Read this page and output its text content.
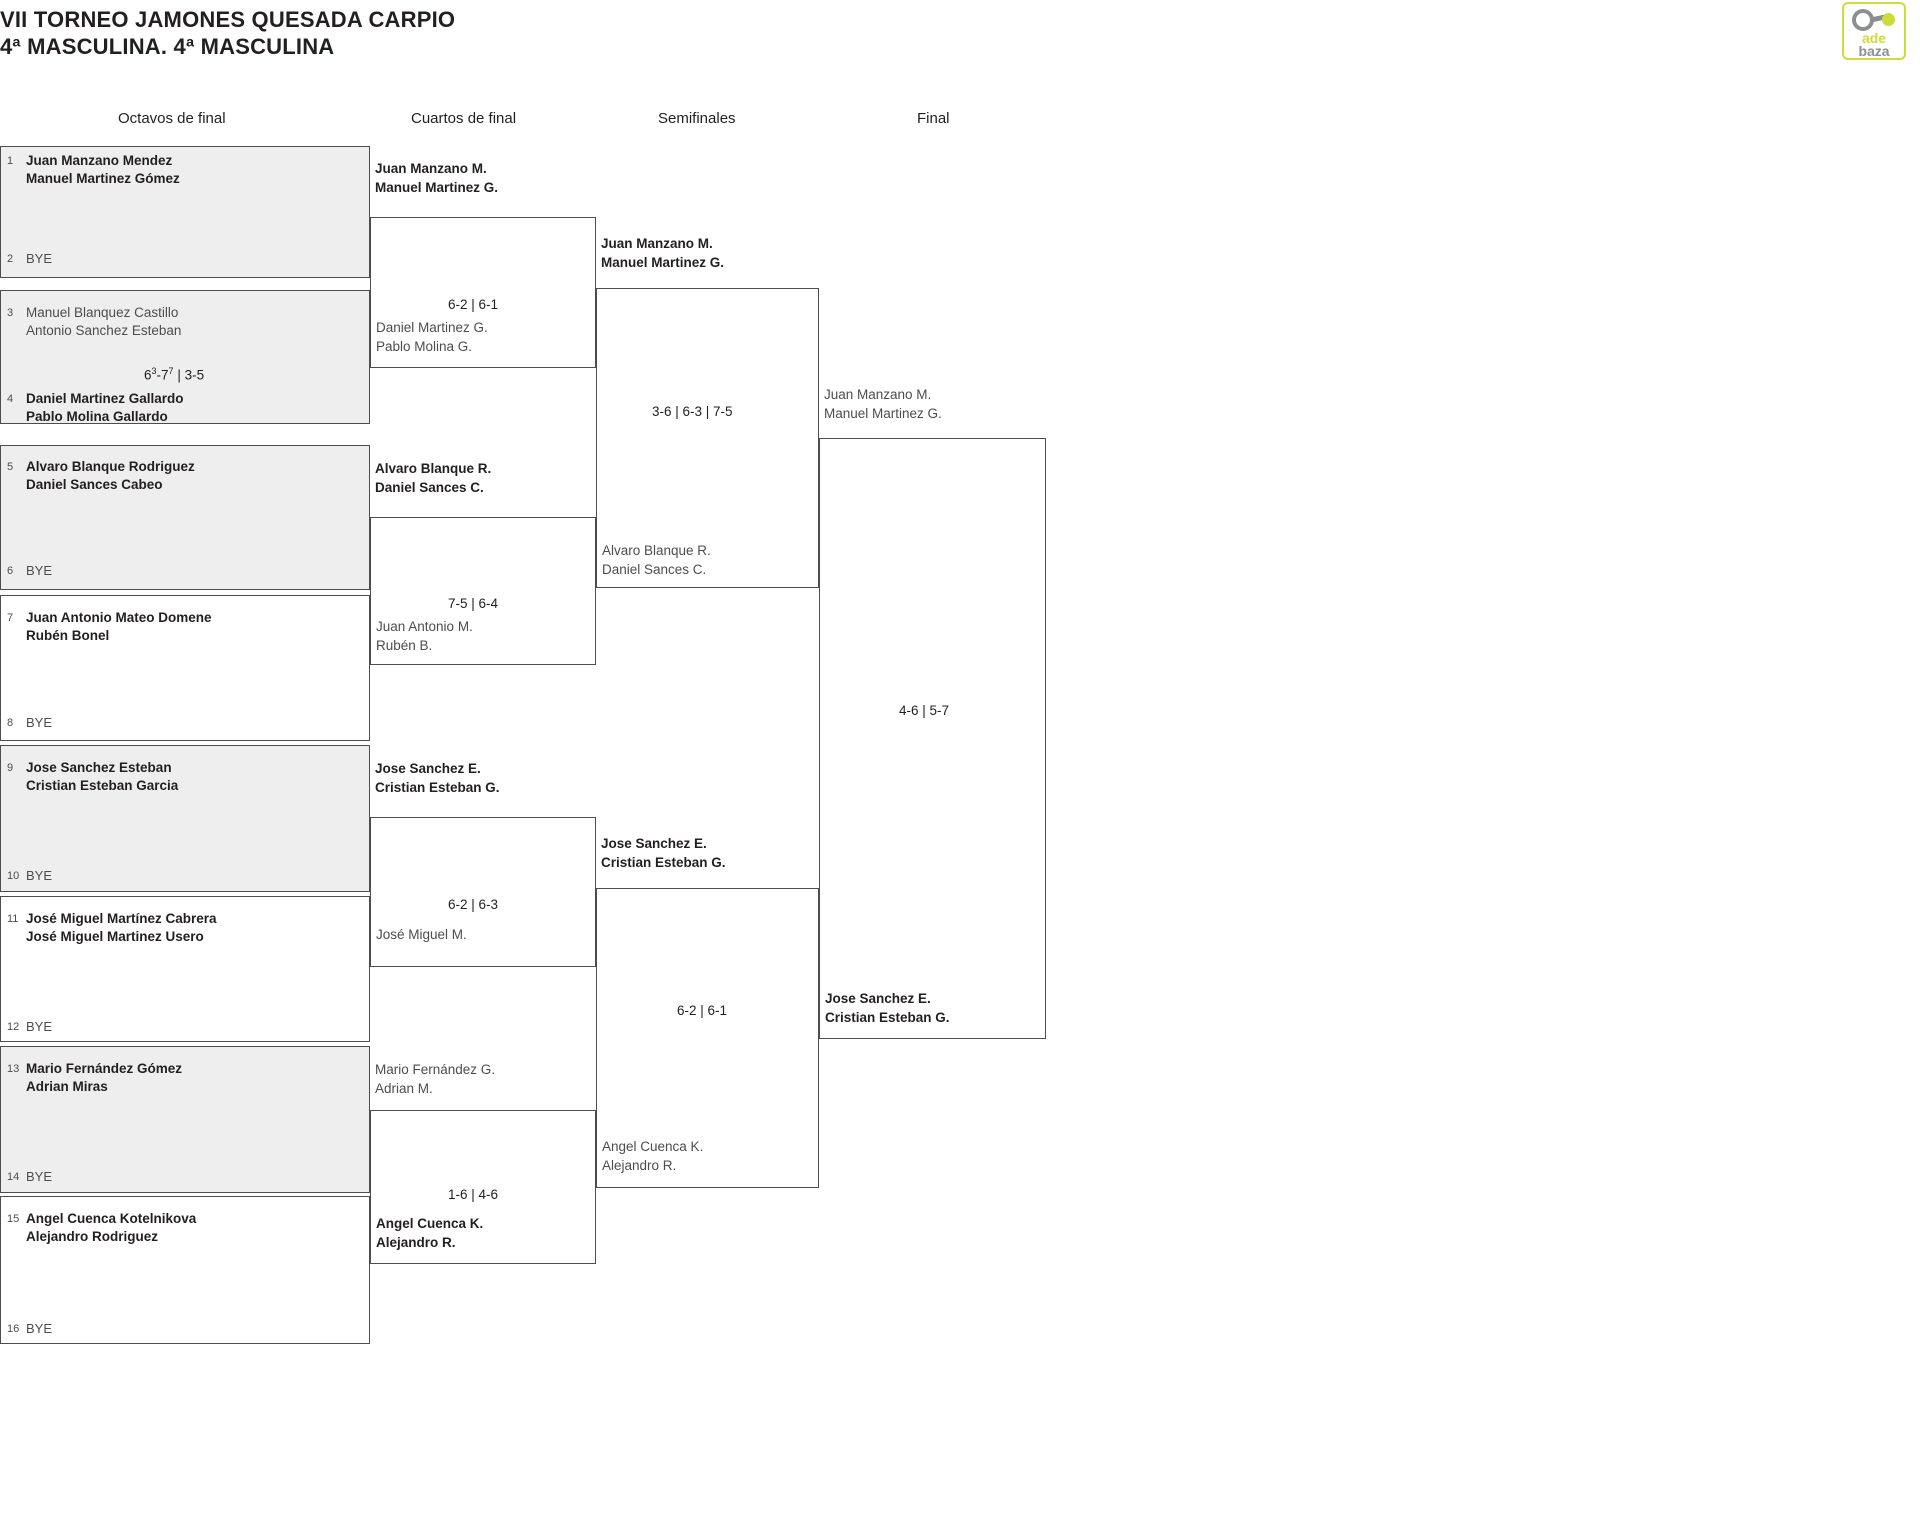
VII TORNEO JAMONES QUESADA CARPIO
4ª MASCULINA. 4ª MASCULINA	ade
baza
Octavos de final	Cuartos de final	Semifinales	Final
1 Juan Manzano Mendez
Manuel Martinez Gómez
2 BYE
3 Manuel Blanquez Castillo
Antonio Sanchez Esteban
$6^3-7^7$ | 3-5
4 Daniel Martinez Gallardo
Pablo Molina Gallardo
5 Alvaro Blanque Rodriguez
Daniel Sances Cabeo
6 BYE
7 Juan Antonio Mateo Domene
Rubén Bonel
8 BYE
9 Jose Sanchez Esteban
Cristian Esteban Garcia
10 BYE
11 José Miguel Martínez Cabrera
José Miguel Martinez Usero
12 BYE
13 Mario Fernández Gómez
Adrian Miras
14 BYE
15 Angel Cuenca Kotelnikova
Alejandro Rodriguez
16 BYE
6-2 | 6-1
Daniel Martinez G.
Pablo Molina G.
Juan Manzano M.
Manuel Martinez G.
7-5 | 6-4
Juan Antonio M.
Rubén B.
Alvaro Blanque R.
Daniel Sances C.
6-2 | 6-3
José Miguel M.
Jose Sanchez E.
Cristian Esteban G.
1-6 | 4-6
Angel Cuenca K.
Alejandro R.
Mario Fernández G.
Adrian M.
3-6 | 6-3 | 7-5
Alvaro Blanque R.
Daniel Sances C.
Juan Manzano M.
Manuel Martinez G.
6-2 | 6-1
Angel Cuenca K.
Alejandro R.
Jose Sanchez E.
Cristian Esteban G.
4-6 | 5-7
Jose Sanchez E.
Cristian Esteban G.
Juan Manzano M.
Manuel Martinez G.
